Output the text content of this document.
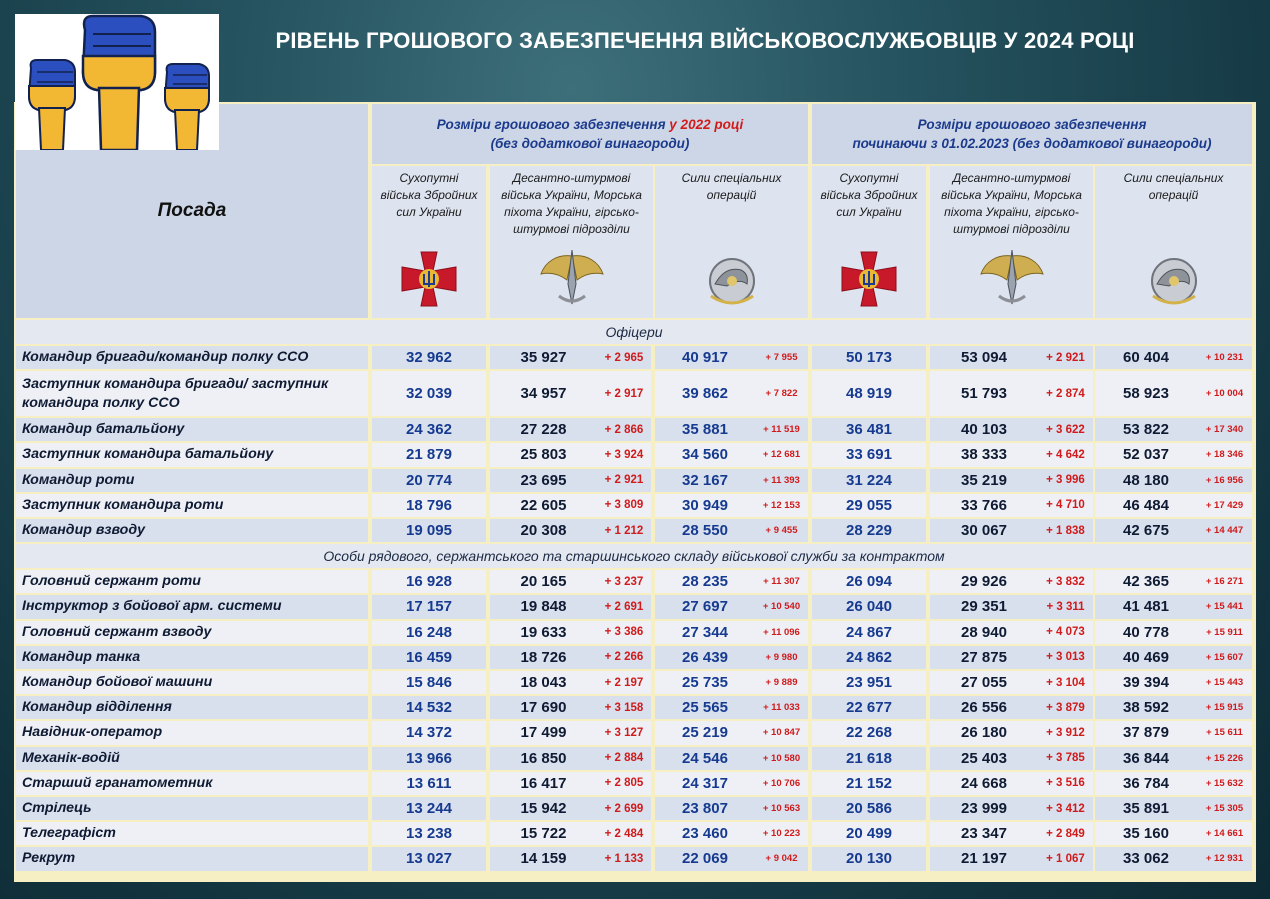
РІВЕНЬ ГРОШОВОГО ЗАБЕЗПЕЧЕННЯ ВІЙСЬКОВОСЛУЖБОВЦІВ У 2024 РОЦІ
Посада
Розміри грошового забезпечення у 2022 році
(без додаткової винагороди)
Розміри грошового забезпечення
починаючи з 01.02.2023 (без додаткової винагороди)
Сухопутні війська Збройних сил України
Десантно-штурмові війська України, Морська піхота України, гірсько-штурмові підрозділи
Сили спеціальних операцій
Сухопутні війська Збройних сил України
Десантно-штурмові війська України, Морська піхота України, гірсько-штурмові підрозділи
Сили спеціальних операцій
Офіцери
Командир бригади/командир полку ССО	32 962	35 927	+ 2 965	40 917	+ 7 955	50 173	53 094	+ 2 921	60 404	+ 10 231
Заступник командира бригади/ застyпник командира полку ССО
32 039	34 957	+ 2 917	39 862	+ 7 822	48 919	51 793	+ 2 874	58 923	+ 10 004
Командир батальйону	24 362	27 228	+ 2 866	35 881	+ 11 519	36 481	40 103	+ 3 622	53 822	+ 17 340
Заступник командира батальйону	21 879	25 803	+ 3 924	34 560	+ 12 681	33 691	38 333	+ 4 642	52 037	+ 18 346
Командир роти	20 774	23 695	+ 2 921	32 167	+ 11 393	31 224	35 219	+ 3 996	48 180	+ 16 956
Заступник командира роти	18 796	22 605	+ 3 809	30 949	+ 12 153	29 055	33 766	+ 4 710	46 484	+ 17 429
Командир взводу	19 095	20 308	+ 1 212	28 550	+ 9 455	28 229	30 067	+ 1 838	42 675	+ 14 447
Особи рядового, сержантського та старшинського складу військової служби за контрактом
Головний сержант роти	16 928	20 165	+ 3 237	28 235	+ 11 307	26 094	29 926	+ 3 832	42 365	+ 16 271
Інструктор з бойової арм. системи	17 157	19 848	+ 2 691	27 697	+ 10 540	26 040	29 351	+ 3 311	41 481	+ 15 441
Головний сержант взводу	16 248	19 633	+ 3 386	27 344	+ 11 096	24 867	28 940	+ 4 073	40 778	+ 15 911
Командир танка	16 459	18 726	+ 2 266	26 439	+ 9 980	24 862	27 875	+ 3 013	40 469	+ 15 607
Командир бойової машини	15 846	18 043	+ 2 197	25 735	+ 9 889	23 951	27 055	+ 3 104	39 394	+ 15 443
Командир відділення	14 532	17 690	+ 3 158	25 565	+ 11 033	22 677	26 556	+ 3 879	38 592	+ 15 915
Навідник-оператор	14 372	17 499	+ 3 127	25 219	+ 10 847	22 268	26 180	+ 3 912	37 879	+ 15 611
Механік-водій	13 966	16 850	+ 2 884	24 546	+ 10 580	21 618	25 403	+ 3 785	36 844	+ 15 226
Старший гранатометник	13 611	16 417	+ 2 805	24 317	+ 10 706	21 152	24 668	+ 3 516	36 784	+ 15 632
Стрілець	13 244	15 942	+ 2 699	23 807	+ 10 563	20 586	23 999	+ 3 412	35 891	+ 15 305
Телеграфіст	13 238	15 722	+ 2 484	23 460	+ 10 223	20 499	23 347	+ 2 849	35 160	+ 14 661
Рекрут	13 027	14 159	+ 1 133	22 069	+ 9 042	20 130	21 197	+ 1 067	33 062	+ 12 931
